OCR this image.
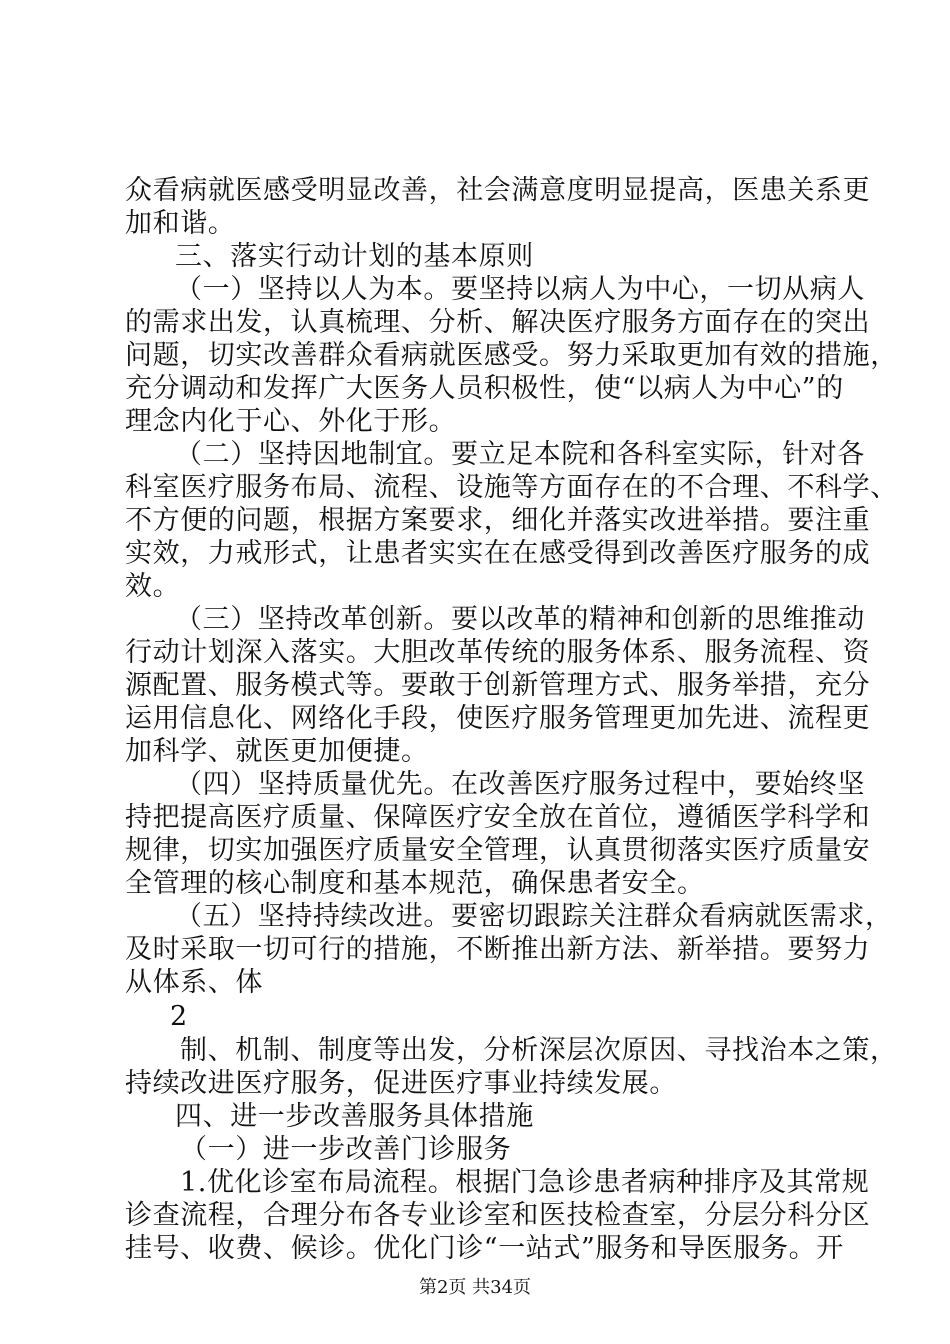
众看病就医感受明显改善，社会满意度明显提高，医患关系更
加和谐。
三、落实行动计划的基本原则
（一）坚持以人为本。要坚持以病人为中心，一切从病人
的需求出发，认真梳理、分析、解决医疗服务方面存在的突出
问题，切实改善群众看病就医感受。努力采取更加有效的措施，
充分调动和发挥广大医务人员积极性，使“以病人为中心”的
理念内化于心、外化于形。
（二）坚持因地制宜。要立足本院和各科室实际，针对各
科室医疗服务布局、流程、设施等方面存在的不合理、不科学、
不方便的问题，根据方案要求，细化并落实改进举措。要注重
实效，力戒形式，让患者实实在在感受得到改善医疗服务的成
效。
（三）坚持改革创新。要以改革的精神和创新的思维推动
行动计划深入落实。大胆改革传统的服务体系、服务流程、资
源配置、服务模式等。要敢于创新管理方式、服务举措，充分
运用信息化、网络化手段，使医疗服务管理更加先进、流程更
加科学、就医更加便捷。
（四）坚持质量优先。在改善医疗服务过程中，要始终坚
持把提高医疗质量、保障医疗安全放在首位，遵循医学科学和
规律，切实加强医疗质量安全管理，认真贯彻落实医疗质量安
全管理的核心制度和基本规范，确保患者安全。
（五）坚持持续改进。要密切跟踪关注群众看病就医需求，
及时采取一切可行的措施，不断推出新方法、新举措。要努力
从体系、体
2
制、机制、制度等出发，分析深层次原因、寻找治本之策，
持续改进医疗服务，促进医疗事业持续发展。
四、进一步改善服务具体措施
（一）进一步改善门诊服务
1.优化诊室布局流程。根据门急诊患者病种排序及其常规
诊查流程，合理分布各专业诊室和医技检查室，分层分科分区
挂号、收费、候诊。优化门诊“一站式”服务和导医服务。开
第2页 共34页
